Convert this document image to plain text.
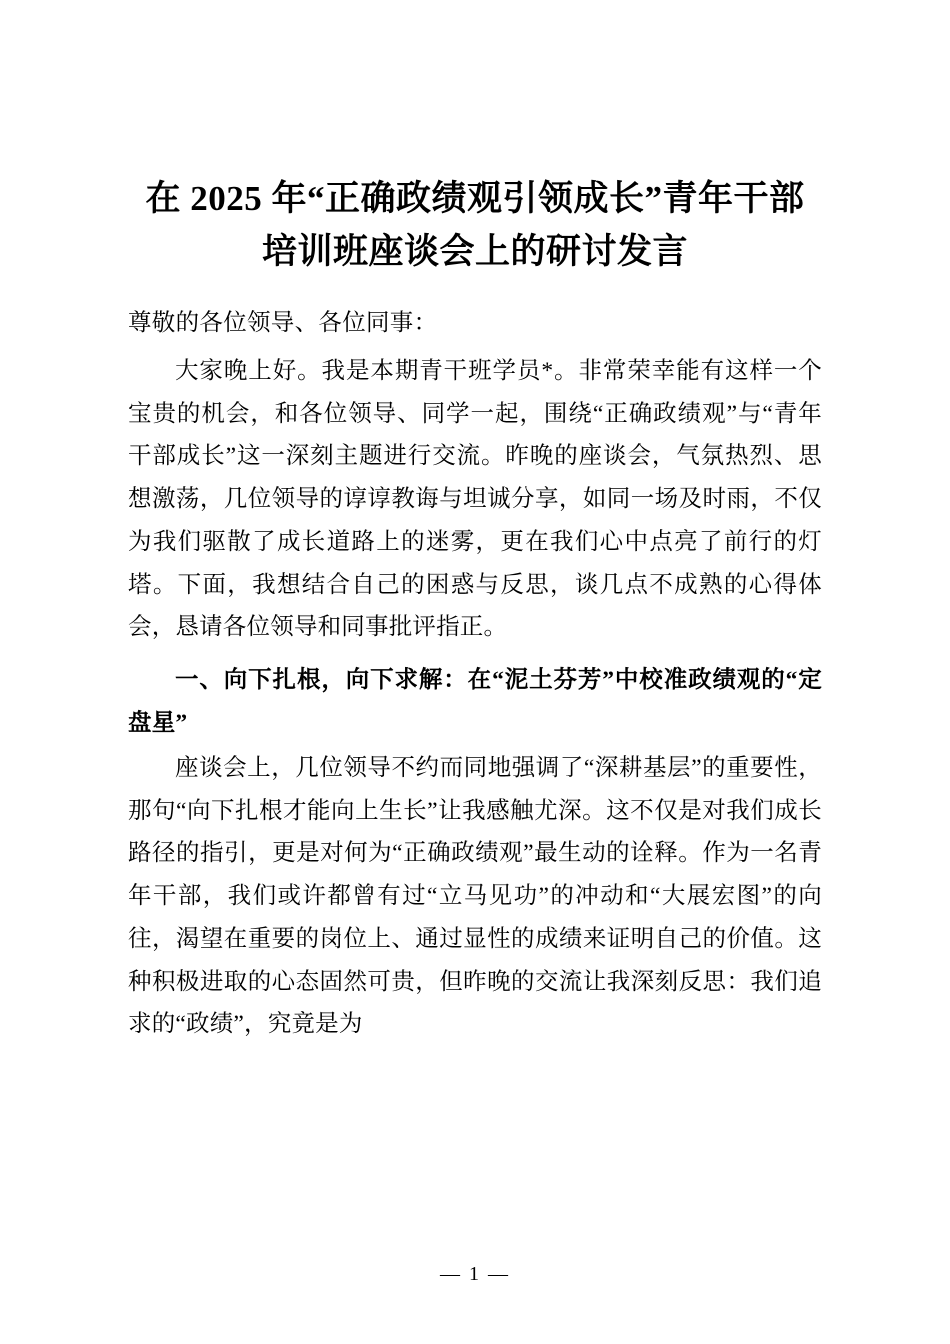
在 2025 年“正确政绩观引领成长”青年干部培训班座谈会上的研讨发言

尊敬的各位领导、各位同事：

大家晚上好。我是本期青干班学员*。非常荣幸能有这样一个宝贵的机会，和各位领导、同学一起，围绕“正确政绩观”与“青年干部成长”这一深刻主题进行交流。昨晚的座谈会，气氛热烈、思想激荡，几位领导的谆谆教诲与坦诚分享，如同一场及时雨，不仅为我们驱散了成长道路上的迷雾，更在我们心中点亮了前行的灯塔。下面，我想结合自己的困惑与反思，谈几点不成熟的心得体会，恳请各位领导和同事批评指正。

一、向下扎根，向下求解：在“泥土芬芳”中校准政绩观的“定盘星”

座谈会上，几位领导不约而同地强调了“深耕基层”的重要性，那句“向下扎根才能向上生长”让我感触尤深。这不仅是对我们成长路径的指引，更是对何为“正确政绩观”最生动的诠释。作为一名青年干部，我们或许都曾有过“立马见功”的冲动和“大展宏图”的向往，渴望在重要的岗位上、通过显性的成绩来证明自己的价值。这种积极进取的心态固然可贵，但昨晚的交流让我深刻反思：我们追求的“政绩”，究竟是为

— 1 —
